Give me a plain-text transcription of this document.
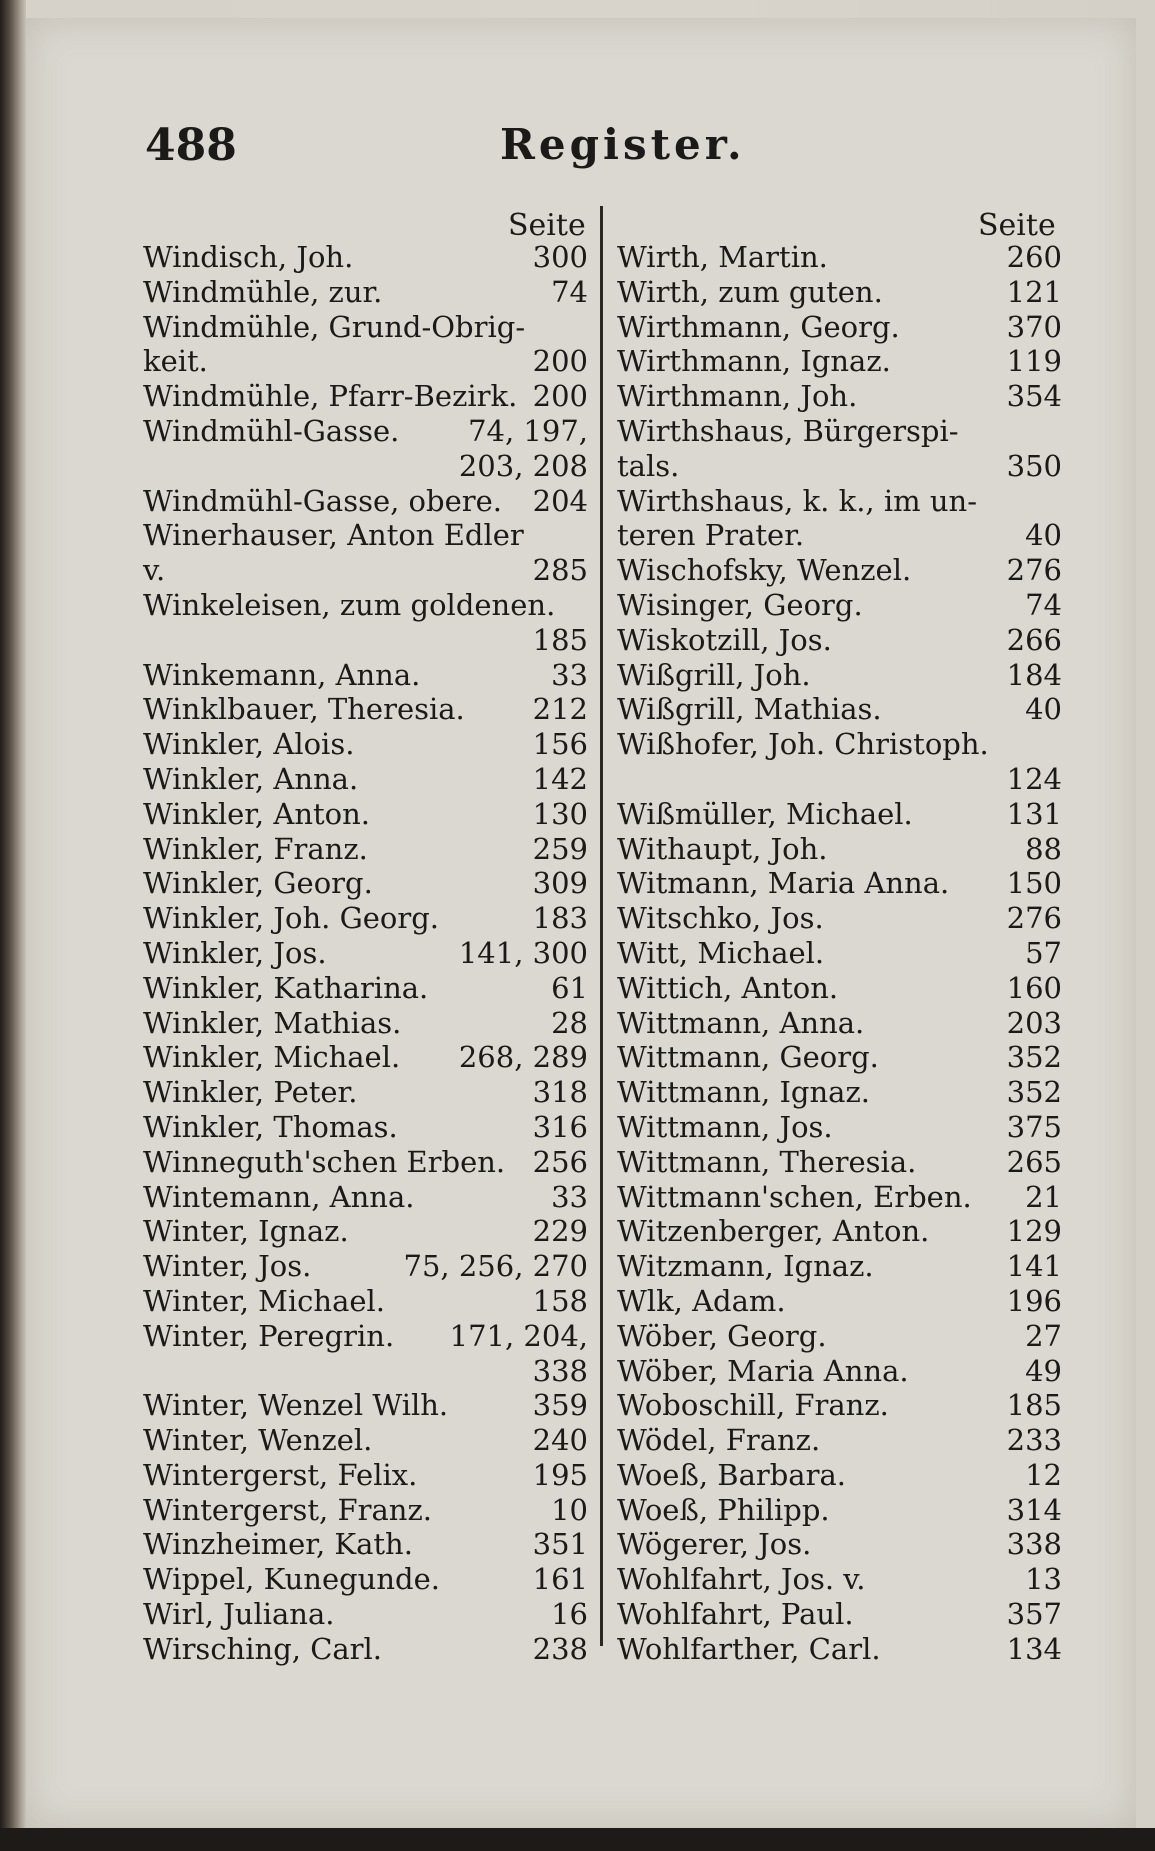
488	Register.
Seite	Seite
Windisch, Joh.	300
Windmühle, zur.	74
Windmühle, Grund-Obrig-
keit.	200
Windmühle, Pfarr-Bezirk. 200
Windmühl-Gasse. 74, 197,
203, 208
Windmühl-Gasse, obere. 204
Winerhauser, Anton Edler
v.	285
Winkeleisen, zum goldenen.
185
Winkemann, Anna.	33
Winklbauer, Theresia. 212
Winkler, Alois.	156
Winkler, Anna.	142
Winkler, Anton.	130
Winkler, Franz.	259
Winkler, Georg.	309
Winkler, Joh. Georg.	183
Winkler, Jos.	141, 300
Winkler, Katharina.	61
Winkler, Mathias.	28
Winkler, Michael. 268, 289
Winkler, Peter.	318
Winkler, Thomas.	316
Winneguth'schen Erben. 256
Wintemann, Anna.	33
Winter, Ignaz.	229
Winter, Jos.	75, 256, 270
Winter, Michael.	158
Winter, Peregrin. 171, 204,
338
Winter, Wenzel Wilh.	359
Winter, Wenzel.	240
Wintergerst, Felix.	195
Wintergerst, Franz.	10
Winzheimer, Kath.	351
Wippel, Kunegunde.	161
Wirl, Juliana.	16
Wirsching, Carl.	238
Wirth, Martin.	260
Wirth, zum guten.	121
Wirthmann, Georg.	370
Wirthmann, Ignaz.	119
Wirthmann, Joh.	354
Wirthshaus, Bürgerspi-
tals.	350
Wirthshaus, k. k., im un-
teren Prater.	40
Wischofsky, Wenzel.	276
Wisinger, Georg.	74
Wiskotzill, Jos.	266
Wißgrill, Joh.	184
Wißgrill, Mathias.	40
Wißhofer, Joh. Christoph.
124
Wißmüller, Michael.	131
Withaupt, Joh.	88
Witmann, Maria Anna. 150
Witschko, Jos.	276
Witt, Michael.	57
Wittich, Anton.	160
Wittmann, Anna.	203
Wittmann, Georg.	352
Wittmann, Ignaz.	352
Wittmann, Jos.	375
Wittmann, Theresia.	265
Wittmann'schen, Erben. 21
Witzenberger, Anton.	129
Witzmann, Ignaz.	141
Wlk, Adam.	196
Wöber, Georg.	27
Wöber, Maria Anna.	49
Woboschill, Franz.	185
Wödel, Franz.	233
Woeß, Barbara.	12
Woeß, Philipp.	314
Wögerer, Jos.	338
Wohlfahrt, Jos. v.	13
Wohlfahrt, Paul.	357
Wohlfarther, Carl.	134
